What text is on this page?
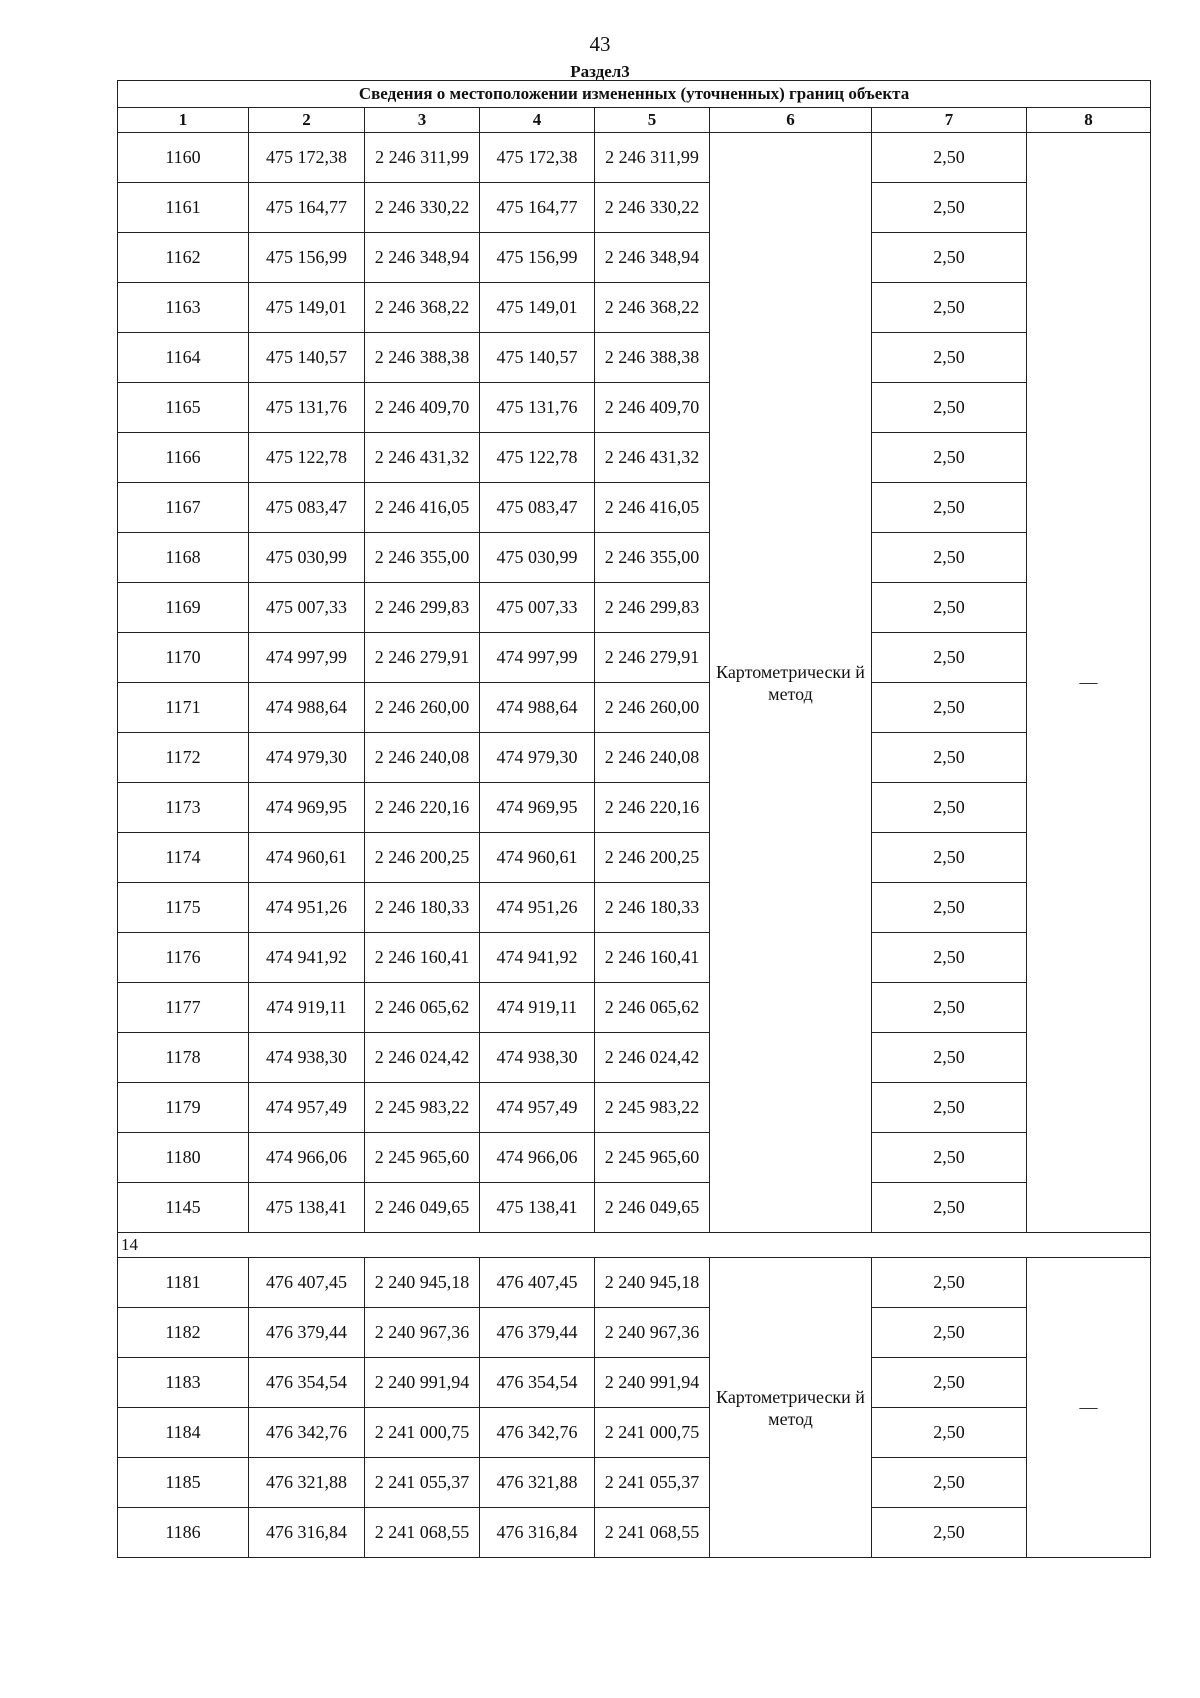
43
Раздел3
Сведения о местоположении измененных (уточненных) границ объекта							
1	2	3	4	5	6	7	8
1160	475 172,38	2 246 311,99	475 172,38	2 246 311,99	Картометрически й метод	2,50	—
1161	475 164,77	2 246 330,22	475 164,77	2 246 330,22		2,50	
1162	475 156,99	2 246 348,94	475 156,99	2 246 348,94		2,50	
1163	475 149,01	2 246 368,22	475 149,01	2 246 368,22		2,50	
1164	475 140,57	2 246 388,38	475 140,57	2 246 388,38		2,50	
1165	475 131,76	2 246 409,70	475 131,76	2 246 409,70		2,50	
1166	475 122,78	2 246 431,32	475 122,78	2 246 431,32		2,50	
1167	475 083,47	2 246 416,05	475 083,47	2 246 416,05		2,50	
1168	475 030,99	2 246 355,00	475 030,99	2 246 355,00		2,50	
1169	475 007,33	2 246 299,83	475 007,33	2 246 299,83		2,50	
1170	474 997,99	2 246 279,91	474 997,99	2 246 279,91		2,50	
1171	474 988,64	2 246 260,00	474 988,64	2 246 260,00		2,50	
1172	474 979,30	2 246 240,08	474 979,30	2 246 240,08		2,50	
1173	474 969,95	2 246 220,16	474 969,95	2 246 220,16		2,50	
1174	474 960,61	2 246 200,25	474 960,61	2 246 200,25		2,50	
1175	474 951,26	2 246 180,33	474 951,26	2 246 180,33		2,50	
1176	474 941,92	2 246 160,41	474 941,92	2 246 160,41		2,50	
1177	474 919,11	2 246 065,62	474 919,11	2 246 065,62		2,50	
1178	474 938,30	2 246 024,42	474 938,30	2 246 024,42		2,50	
1179	474 957,49	2 245 983,22	474 957,49	2 245 983,22		2,50	
1180	474 966,06	2 245 965,60	474 966,06	2 245 965,60		2,50	
1145	475 138,41	2 246 049,65	475 138,41	2 246 049,65		2,50	
14							
1181	476 407,45	2 240 945,18	476 407,45	2 240 945,18	Картометрически й метод	2,50	—
1182	476 379,44	2 240 967,36	476 379,44	2 240 967,36		2,50	
1183	476 354,54	2 240 991,94	476 354,54	2 240 991,94		2,50	
1184	476 342,76	2 241 000,75	476 342,76	2 241 000,75		2,50	
1185	476 321,88	2 241 055,37	476 321,88	2 241 055,37		2,50	
1186	476 316,84	2 241 068,55	476 316,84	2 241 068,55		2,50	
